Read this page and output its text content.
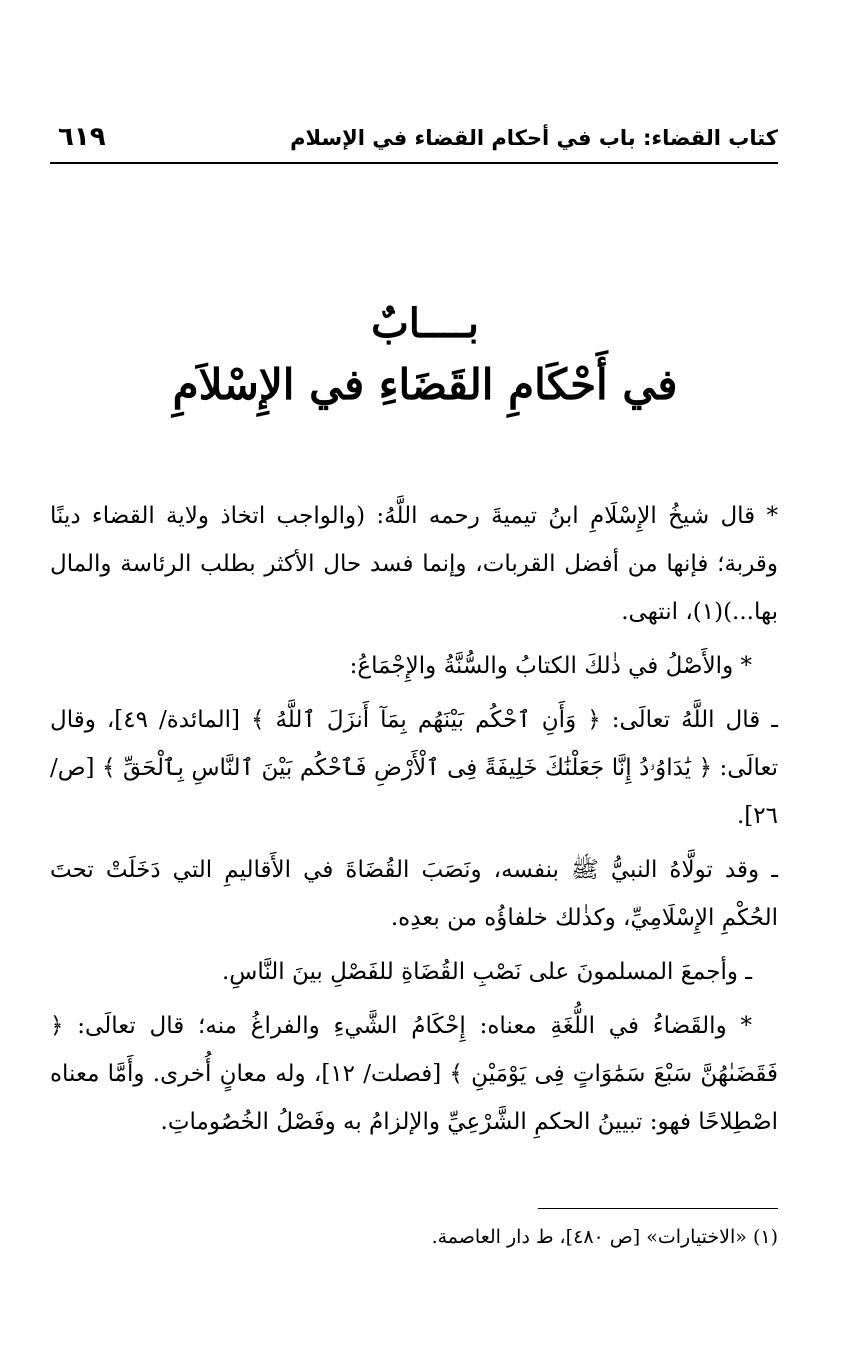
كتاب القضاء: باب في أحكام القضاء في الإسلام
٦١٩
بــــابٌ
في أَحْكَامِ القَضَاءِ في الإِسْلاَمِ

* قال شيخُ الإِسْلَامِ ابنُ تيميةَ رحمه اللَّهُ: (والواجب اتخاذ ولاية القضاء دينًا وقربة؛ فإنها من أفضل القربات، وإنما فسد حال الأكثر بطلب الرئاسة والمال بها...)(١)، انتهى.

* والأَصْلُ في ذٰلكَ الكتابُ والسُّنَّةُ والإِجْمَاعُ:

ـ قال اللَّهُ تعالَى: ﴿ وَأَنِ ٱحْكُم بَيْنَهُم بِمَآ أَنزَلَ ٱللَّهُ ﴾ [المائدة/ ٤٩]، وقال تعالَى: ﴿ يَٰدَاوُۥدُ إِنَّا جَعَلْنَٰكَ خَلِيفَةً فِى ٱلْأَرْضِ فَٱحْكُم بَيْنَ ٱلنَّاسِ بِٱلْحَقِّ ﴾ [ص/ ٢٦].

ـ وقد تولَّاهُ النبيُّ ﷺ بنفسه، ونَصَبَ القُضَاةَ في الأَقاليمِ التي دَخَلَتْ تحتَ الحُكْمِ الإِسْلَامِيِّ، وكذٰلك خلفاؤُه من بعدِه.

ـ وأجمعَ المسلمونَ على نَصْبِ القُضَاةِ للفَصْلِ بينَ النَّاسِ.

* والقَضاءُ في اللُّغَةِ معناه: إِحْكَامُ الشَّيءِ والفراغُ منه؛ قال تعالَى: ﴿ فَقَضَىٰهُنَّ سَبْعَ سَمَٰوَاتٍ فِى يَوْمَيْنِ ﴾ [فصلت/ ١٢]، وله معانٍ أُخرى. وأَمَّا معناه اصْطِلاحًا فهو: تبيينُ الحكمِ الشَّرْعِيِّ والإلزامُ به وفَصْلُ الخُصُوماتِ.

(١) «الاختيارات» [ص ٤٨٠]، ط دار العاصمة.
